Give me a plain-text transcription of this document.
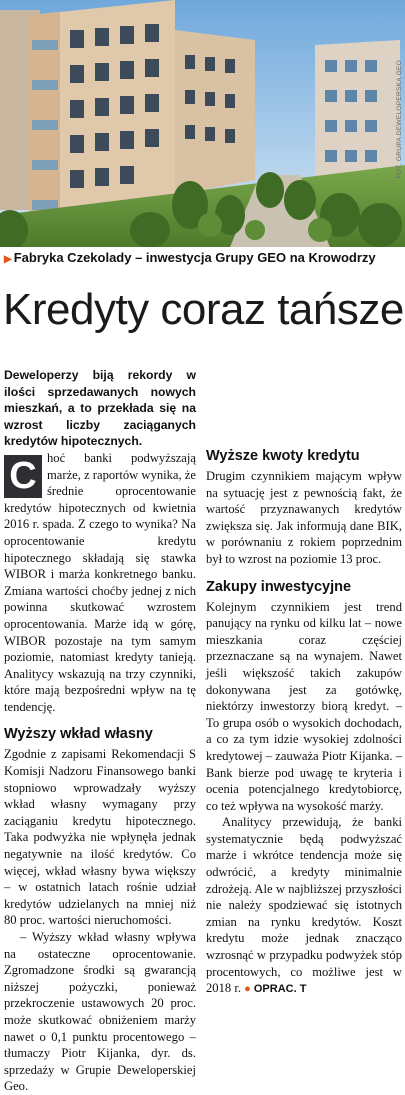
FOT. GRUPA DEWELOPERSKA GEO
▶ Fabryka Czekolady – inwestycja Grupy GEO na Krowodrzy
Kredyty coraz tańsze

Deweloperzy biją rekordy w ilości sprzedawanych nowych mieszkań, a to przekłada się na wzrost liczby zaciąganych kredytów hipotecznych.

C hoć banki podwyższają marże, z raportów wynika, że średnie oprocentowanie kredytów hipotecznych od kwietnia 2016 r. spada. Z czego to wynika? Na oprocentowanie kredytu hipotecznego składają się stawka WIBOR i marża konkretnego banku. Zmiana wartości choćby jednej z nich powinna skutkować wzrostem oprocentowania. Marże idą w górę, WIBOR pozostaje na tym samym poziomie, natomiast kredyty tanieją. Analitycy wskazują na trzy czynniki, które mają bezpośredni wpływ na tę tendencję.

Wyższy wkład własny

Zgodnie z zapisami Rekomendacji S Komisji Nadzoru Finansowego banki stopniowo wprowadzały wyższy wkład własny wymagany przy zaciąganiu kredytu hipotecznego. Taka podwyżka nie wpłynęła jednak negatywnie na ilość kredytów. Co więcej, wkład własny bywa większy – w ostatnich latach rośnie udział kredytów udzielanych na mniej niż 80 proc. wartości nieruchomości.

– Wyższy wkład własny wpływa na ostateczne oprocentowanie. Zgromadzone środki są gwarancją niższej pożyczki, ponieważ przekroczenie ustawowych 20 proc. może skutkować obniżeniem marży nawet o 0,1 punktu procentowego – tłumaczy Piotr Kijanka, dyr. ds. sprzedaży w Grupie Deweloperskiej Geo.

Wyższe kwoty kredytu

Drugim czynnikiem mającym wpływ na sytuację jest z pewnością fakt, że wartość przyznawanych kredytów zwiększa się. Jak informują dane BIK, w porównaniu z rokiem poprzednim był to wzrost na poziomie 13 proc.

Zakupy inwestycyjne

Kolejnym czynnikiem jest trend panujący na rynku od kilku lat – nowe mieszkania coraz częściej przeznaczane są na wynajem. Nawet jeśli większość takich zakupów dokonywana jest za gotówkę, niektórzy inwestorzy biorą kredyt. – To grupa osób o wysokich dochodach, a co za tym idzie wysokiej zdolności kredytowej – zauważa Piotr Kijanka. – Bank bierze pod uwagę te kryteria i ocenia potencjalnego kredytobiorcę, co też wpływa na wysokość marży.

Analitycy przewidują, że banki systematycznie będą podwyższać marże i wkrótce tendencja może się odwrócić, a kredyty minimalnie zdrożeją. Ale w najbliższej przyszłości nie należy spodziewać się istotnych zmian na rynku kredytów. Koszt kredytu może jednak znacząco wzrosnąć w przypadku podwyżek stóp procentowych, co możliwe jest w 2018 r. ● OPRAC. T
